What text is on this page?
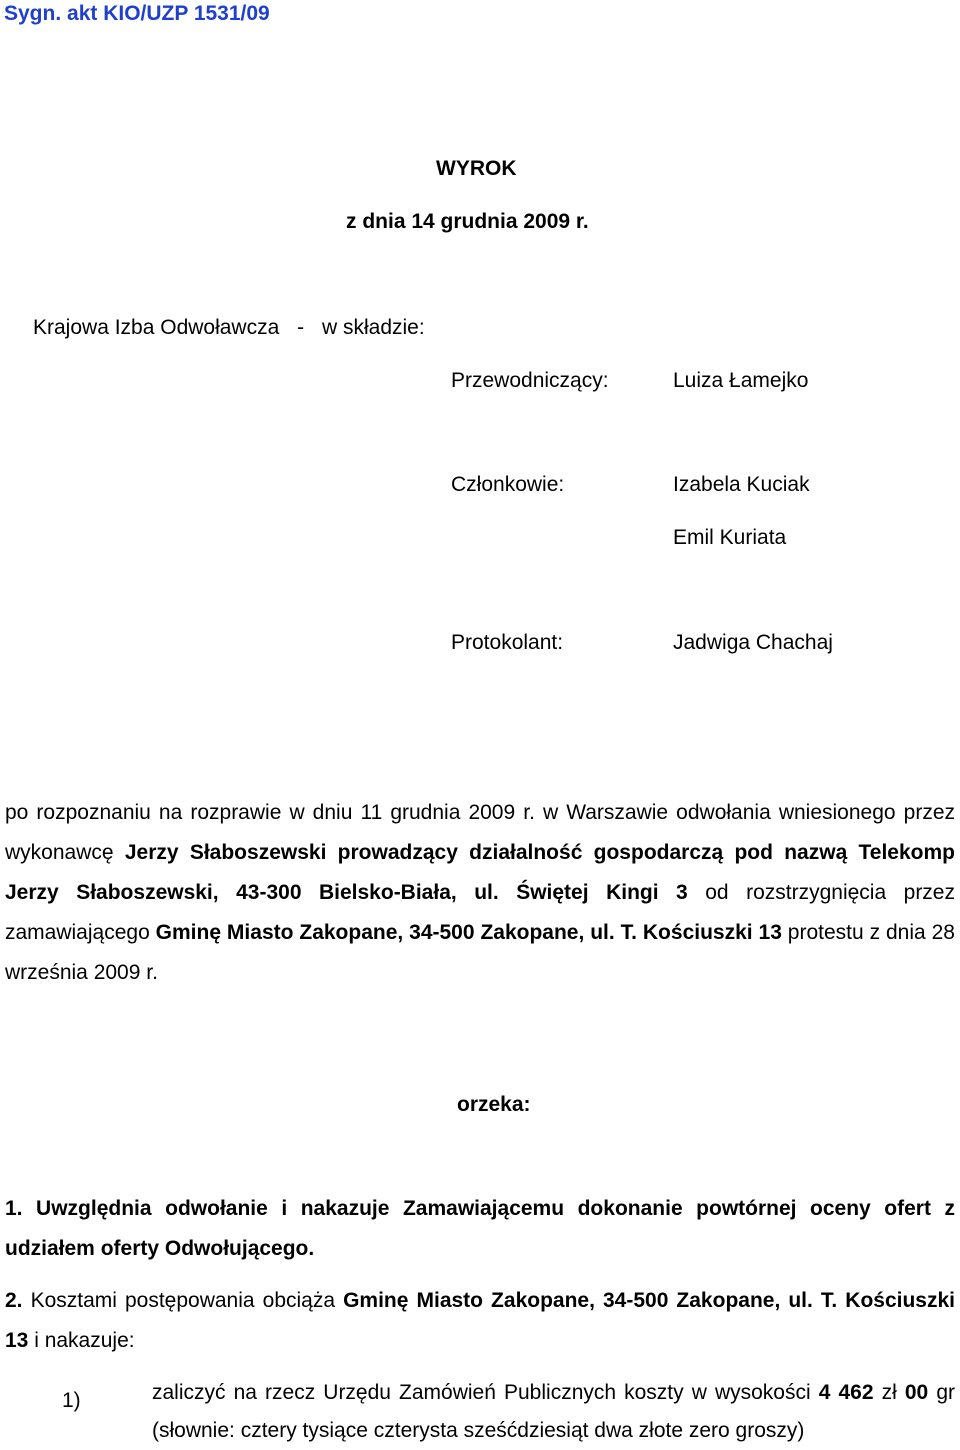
Sygn. akt KIO/UZP 1531/09
WYROK
z dnia 14 grudnia 2009 r.
Krajowa Izba Odwoławcza - w składzie:
Przewodniczący:	Luiza Łamejko
Członkowie:	Izabela Kuciak
Emil Kuriata
Protokolant:	Jadwiga Chachaj
po rozpoznaniu na rozprawie w dniu 11 grudnia 2009 r. w Warszawie odwołania wniesionego przez wykonawcę Jerzy Słaboszewski prowadzący działalność gospodarczą pod nazwą Telekomp Jerzy Słaboszewski, 43-300 Bielsko-Biała, ul. Świętej Kingi 3 od rozstrzygnięcia przez zamawiającego Gminę Miasto Zakopane, 34-500 Zakopane, ul. T. Kościuszki 13 protestu z dnia 28 września 2009 r.
orzeka:
1. Uwzględnia odwołanie i nakazuje Zamawiającemu dokonanie powtórnej oceny ofert z udziałem oferty Odwołującego.
2. Kosztami postępowania obciąża Gminę Miasto Zakopane, 34-500 Zakopane, ul. T. Kościuszki 13 i nakazuje:
1)	zaliczyć na rzecz Urzędu Zamówień Publicznych koszty w wysokości 4 462 zł 00 gr (słownie: cztery tysiące czterysta sześćdziesiąt dwa złote zero groszy)
